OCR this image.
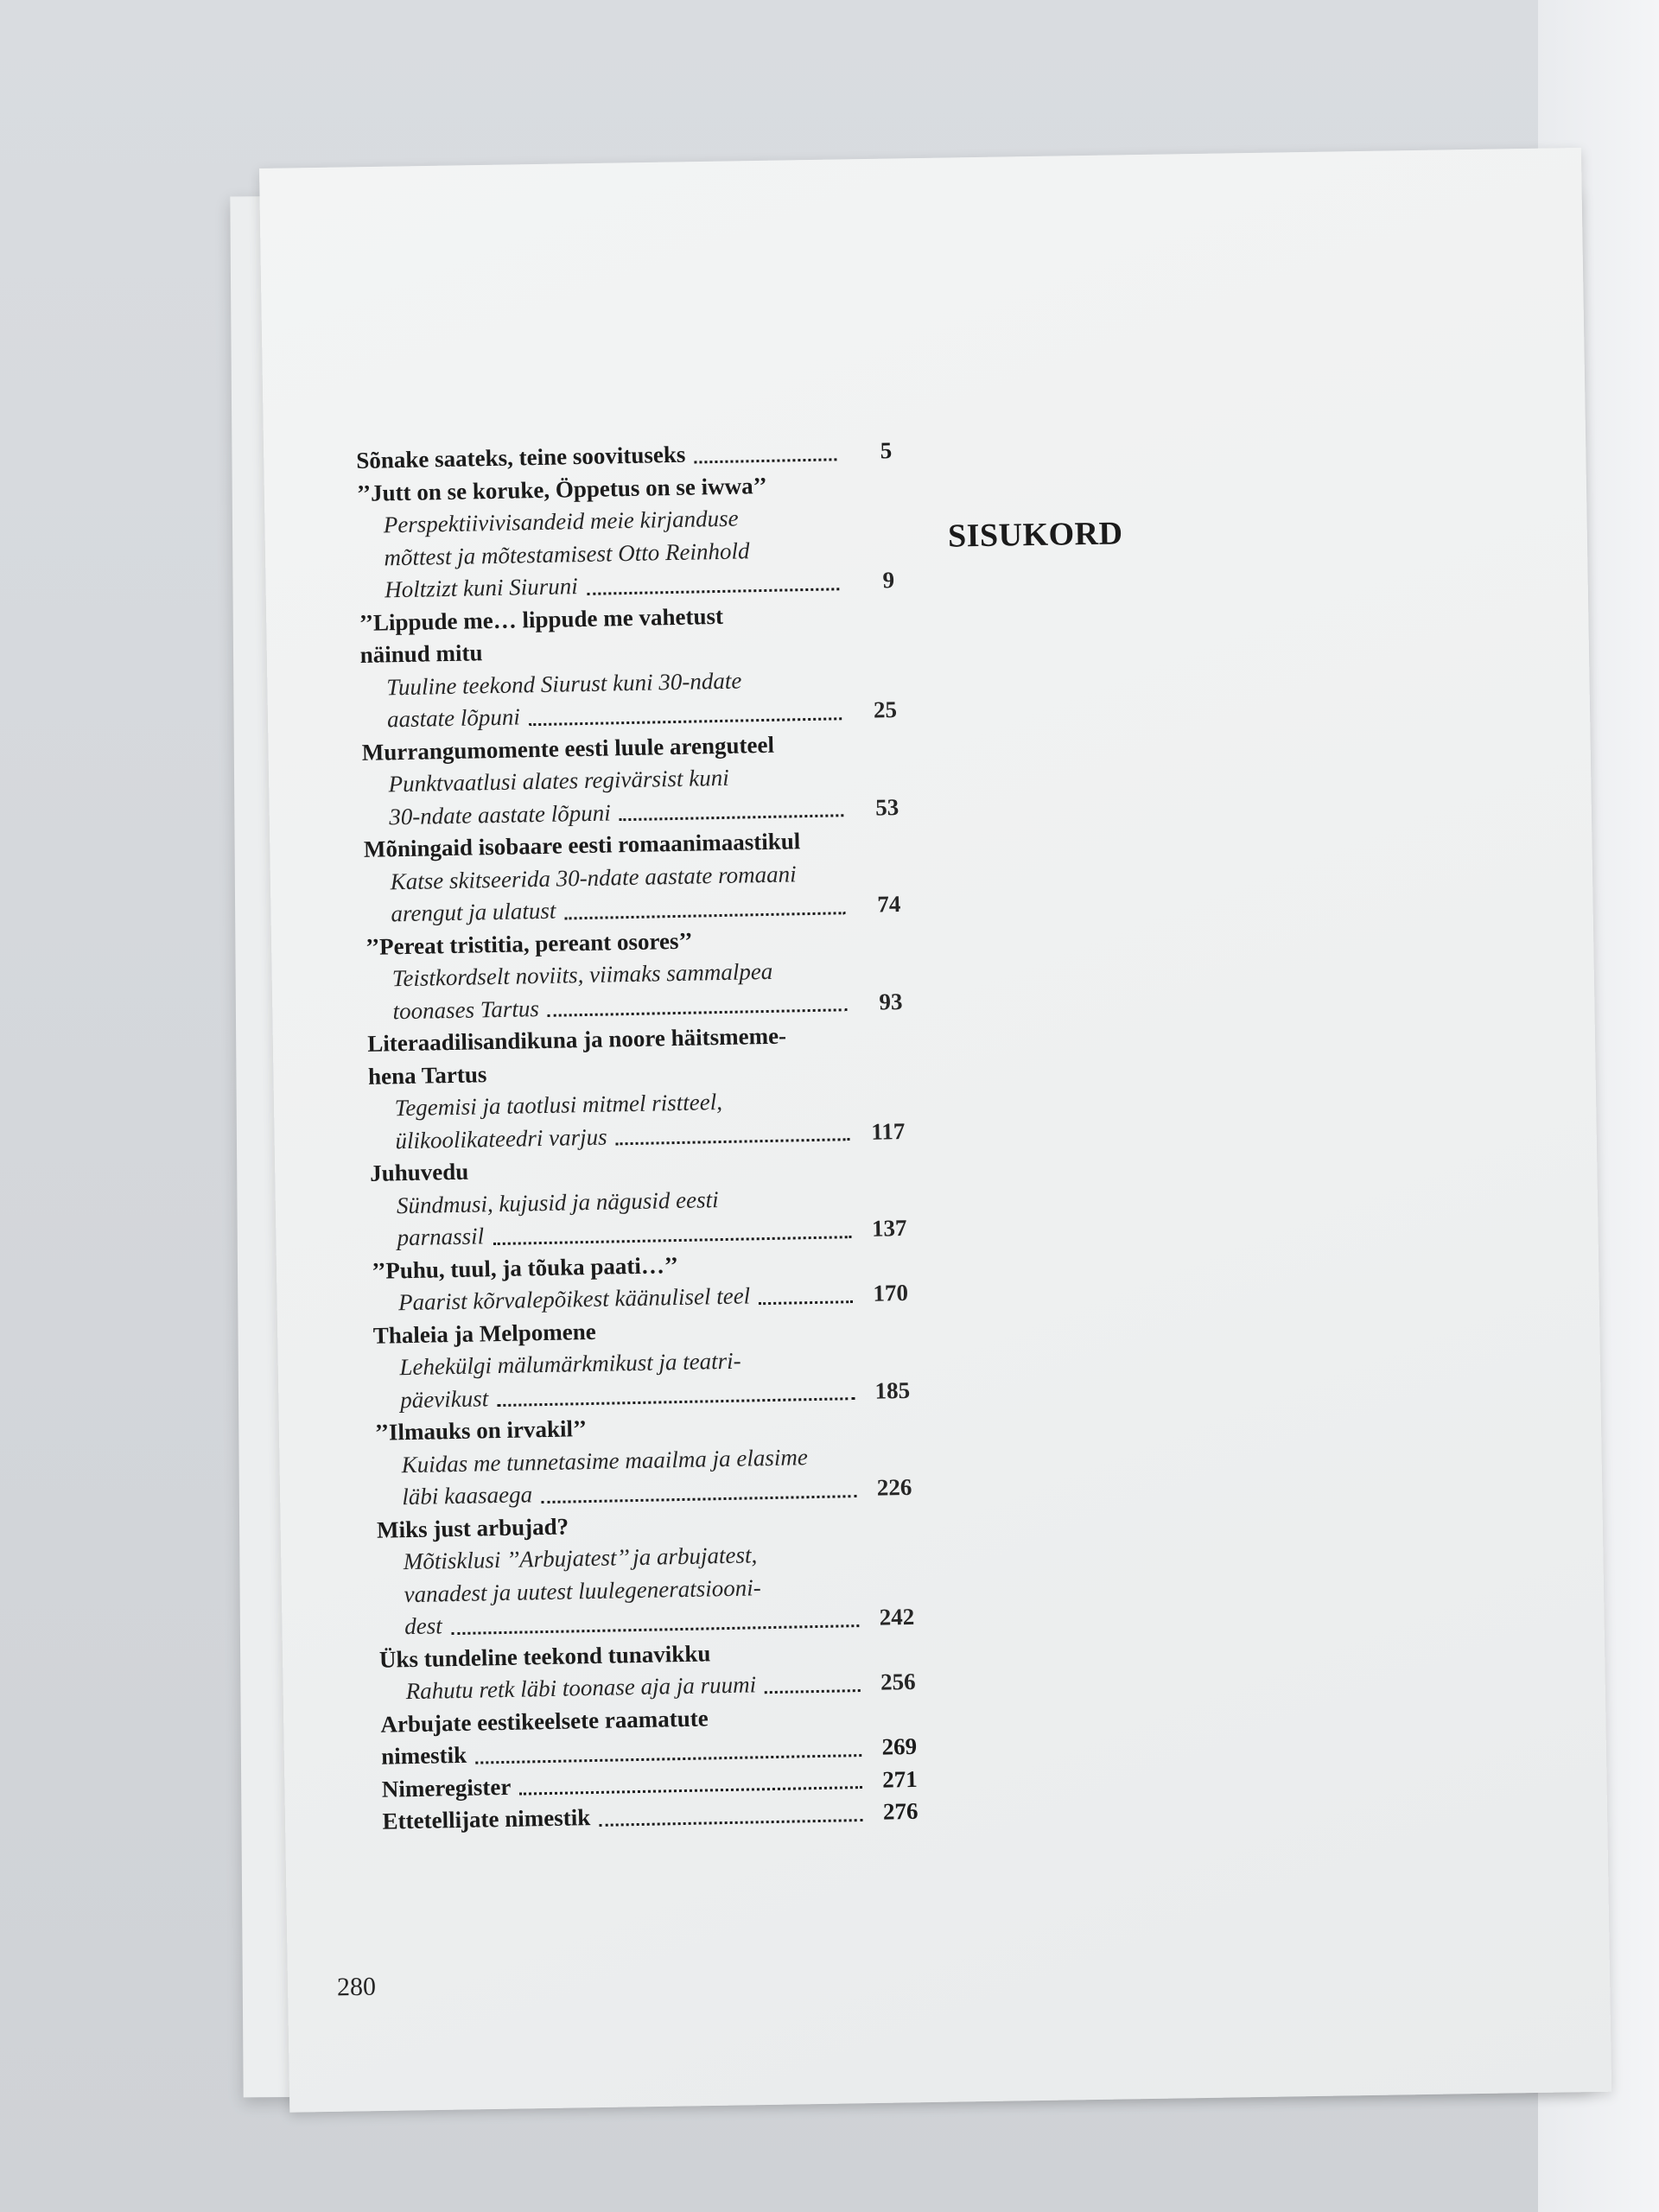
Sõnake saateks, teine soovituseks	5
’’Jutt on se koruke, Öppetus on se iwwa’’
Perspektiivivisandeid meie kirjanduse
mõttest ja mõtestamisest Otto Reinhold
Holtzizt kuni Siuruni	9
’’Lippude me… lippude me vahetust
näinud mitu
Tuuline teekond Siurust kuni 30-ndate
aastate lõpuni	25
Murrangumomente eesti luule arenguteel
Punktvaatlusi alates regivärsist kuni
30-ndate aastate lõpuni	53
Mõningaid isobaare eesti romaanimaastikul
Katse skitseerida 30-ndate aastate romaani
arengut ja ulatust	74
’’Pereat tristitia, pereant osores’’
Teistkordselt noviits, viimaks sammalpea
toonases Tartus	93
Literaadilisandikuna ja noore häitsmeme-
hena Tartus
Tegemisi ja taotlusi mitmel ristteel,
ülikoolikateedri varjus	117
Juhuvedu
Sündmusi, kujusid ja nägusid eesti
parnassil	137
’’Puhu, tuul, ja tõuka paati…’’
Paarist kõrvalepõikest käänulisel teel	170
Thaleia ja Melpomene
Lehekülgi mälumärkmikust ja teatri-
päevikust	185
’’Ilmauks on irvakil’’
Kuidas me tunnetasime maailma ja elasime
läbi kaasaega	226
Miks just arbujad?
Mõtisklusi ’’Arbujatest’’ ja arbujatest,
vanadest ja uutest luulegeneratsiooni-
dest	242
Üks tundeline teekond tunavikku
Rahutu retk läbi toonase aja ja ruumi	256
Arbujate eestikeelsete raamatute
nimestik	269
Nimeregister	271
Ettetellijate nimestik	276
SISUKORD
280
